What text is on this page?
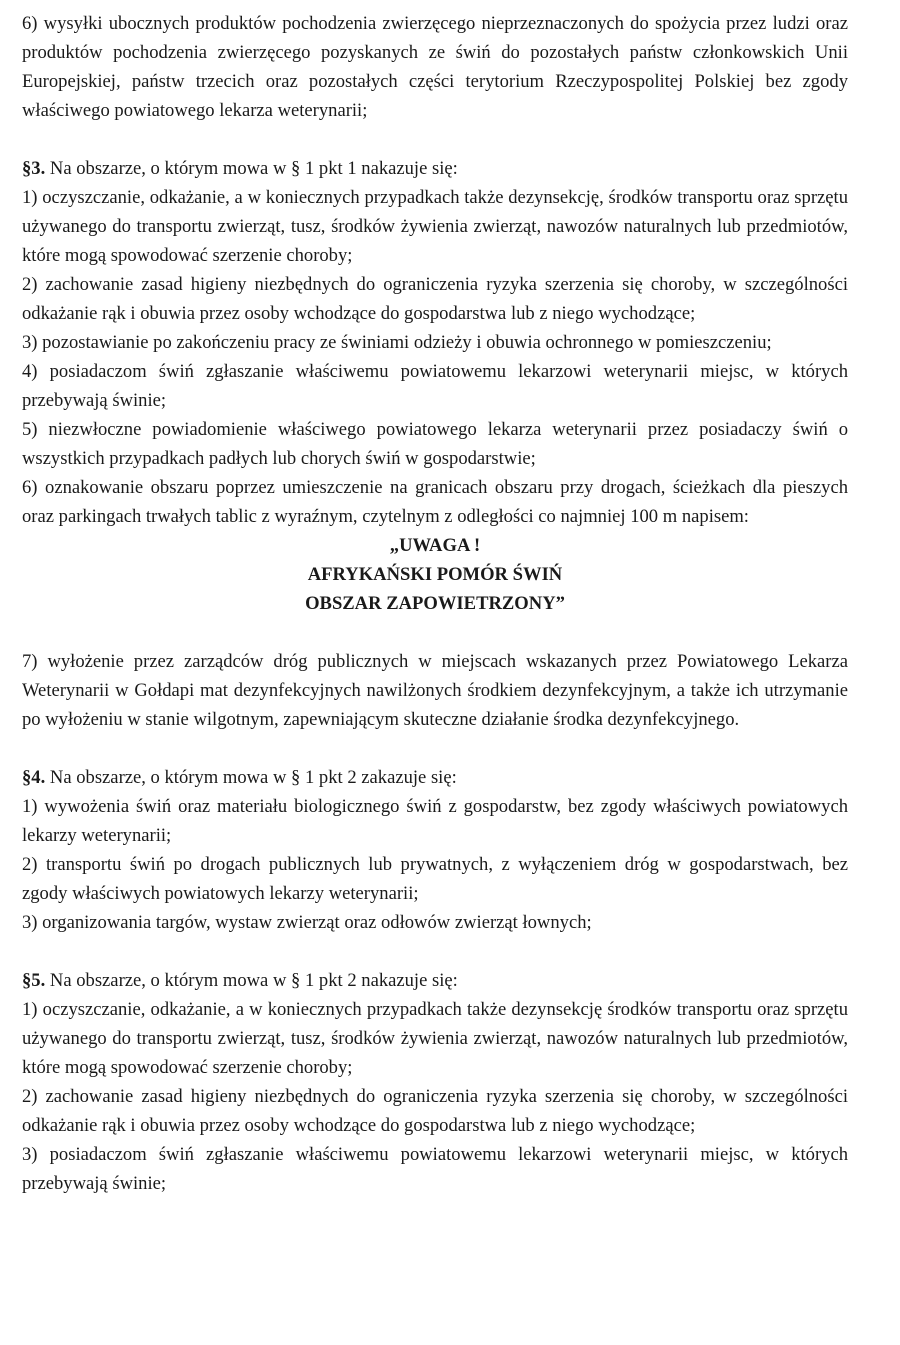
6) wysyłki ubocznych produktów pochodzenia zwierzęcego nieprzeznaczonych do spożycia przez ludzi oraz produktów pochodzenia zwierzęcego pozyskanych ze świń do pozostałych państw członkowskich Unii Europejskiej, państw trzecich oraz pozostałych części terytorium Rzeczypospolitej Polskiej bez zgody właściwego powiatowego lekarza weterynarii;

§3. Na obszarze, o którym mowa w § 1 pkt 1 nakazuje się:

1) oczyszczanie, odkażanie, a w koniecznych przypadkach także dezynsekcję, środków transportu oraz sprzętu używanego do transportu zwierząt, tusz, środków żywienia zwierząt, nawozów naturalnych lub przedmiotów, które mogą spowodować szerzenie choroby;

2) zachowanie zasad higieny niezbędnych do ograniczenia ryzyka szerzenia się choroby, w szczególności odkażanie rąk i obuwia przez osoby wchodzące do gospodarstwa lub z niego wychodzące;

3) pozostawianie po zakończeniu pracy ze świniami odzieży i obuwia ochronnego w pomieszczeniu;

4) posiadaczom świń zgłaszanie właściwemu powiatowemu lekarzowi weterynarii miejsc, w których przebywają świnie;

5) niezwłoczne powiadomienie właściwego powiatowego lekarza weterynarii przez posiadaczy świń o wszystkich przypadkach padłych lub chorych świń w gospodarstwie;

6) oznakowanie obszaru poprzez umieszczenie na granicach obszaru przy drogach, ścieżkach dla pieszych oraz parkingach trwałych tablic z wyraźnym, czytelnym z odległości co najmniej 100 m napisem:

„UWAGA !

AFRYKAŃSKI POMÓR ŚWIŃ

OBSZAR ZAPOWIETRZONY”

7) wyłożenie przez zarządców dróg publicznych w miejscach wskazanych przez Powiatowego Lekarza Weterynarii w Gołdapi mat dezynfekcyjnych nawilżonych środkiem dezynfekcyjnym, a także ich utrzymanie po wyłożeniu w stanie wilgotnym, zapewniającym skuteczne działanie środka dezynfekcyjnego.

§4. Na obszarze, o którym mowa w § 1 pkt 2 zakazuje się:

1) wywożenia świń oraz materiału biologicznego świń z gospodarstw, bez zgody właściwych powiatowych lekarzy weterynarii;

2) transportu świń po drogach publicznych lub prywatnych, z wyłączeniem dróg w gospodarstwach, bez zgody właściwych powiatowych lekarzy weterynarii;

3) organizowania targów, wystaw zwierząt oraz odłowów zwierząt łownych;

§5. Na obszarze, o którym mowa w § 1 pkt 2 nakazuje się:

1) oczyszczanie, odkażanie, a w koniecznych przypadkach także dezynsekcję środków transportu oraz sprzętu używanego do transportu zwierząt, tusz, środków żywienia zwierząt, nawozów naturalnych lub przedmiotów, które mogą spowodować szerzenie choroby;

2) zachowanie zasad higieny niezbędnych do ograniczenia ryzyka szerzenia się choroby, w szczególności odkażanie rąk i obuwia przez osoby wchodzące do gospodarstwa lub z niego wychodzące;

3) posiadaczom świń zgłaszanie właściwemu powiatowemu lekarzowi weterynarii miejsc, w których przebywają świnie;
